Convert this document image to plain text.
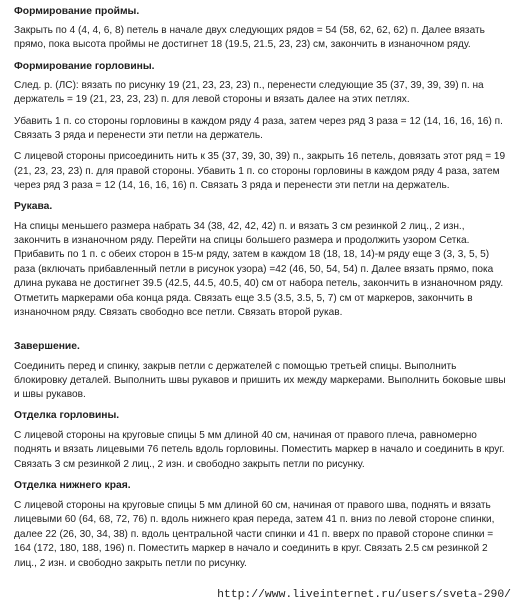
Формирование проймы.

Закрыть по 4 (4, 4, 6, 8) петель в начале двух следующих рядов = 54 (58, 62, 62, 62) п. Далее вязать прямо, пока высота проймы не достигнет 18 (19.5, 21.5, 23, 23) см, закончить в изнаночном ряду.

Формирование горловины.

След. р. (ЛС): вязать по рисунку 19 (21, 23, 23, 23) п., перенести следующие 35 (37, 39, 39, 39) п. на держатель = 19 (21, 23, 23, 23) п. для левой стороны и вязать далее на этих петлях.

Убавить 1 п. со стороны горловины в каждом ряду 4 раза, затем через ряд 3 раза = 12 (14, 16, 16, 16) п. Связать 3 ряда и перенести эти петли на держатель.

С лицевой стороны присоединить нить к 35 (37, 39, 30, 39) п., закрыть 16 петель, довязать этот ряд = 19 (21, 23, 23, 23) п. для правой стороны. Убавить 1 п. со стороны горловины в каждом ряду 4 раза, затем через ряд 3 раза = 12 (14, 16, 16, 16) п. Связать 3 ряда и перенести эти петли на держатель.

Рукава.

На спицы меньшего размера набрать 34 (38, 42, 42, 42) п. и вязать 3 см резинкой 2 лиц., 2 изн., закончить в изнаночном ряду. Перейти на спицы большего размера и продолжить узором Сетка. Прибавить по 1 п. с обеих сторон в 15-м ряду, затем в каждом 18 (18, 18, 14)-м ряду еще 3 (3, 3, 5, 5) раза (включать прибавленный петли в рисунок узора) =42 (46, 50, 54, 54) п. Далее вязать прямо, пока длина рукава не достигнет 39.5 (42.5, 44.5, 40.5, 40) см от набора петель, закончить в изнаночном ряду. Отметить маркерами оба конца ряда. Связать еще 3.5 (3.5, 3.5, 5, 7) см от маркеров, закончить в изнаночном ряду. Связать свободно все петли. Связать второй рукав.

Завершение.

Соединить перед и спинку, закрыв петли с держателей с помощью третьей спицы. Выполнить блокировку деталей. Выполнить швы рукавов и пришить их между маркерами. Выполнить боковые швы и швы рукавов.

Отделка горловины.

С лицевой стороны на круговые спицы 5 мм длиной 40 см, начиная от правого плеча, равномерно поднять и вязать лицевыми 76 петель вдоль горловины. Поместить маркер в начало и соединить в круг. Связать 3 см резинкой 2 лиц., 2 изн. и свободно закрыть петли по рисунку.

Отделка нижнего края.

С лицевой стороны на круговые спицы 5 мм длиной 60 см, начиная от правого шва, поднять и вязать лицевыми 60 (64, 68, 72, 76) п. вдоль нижнего края переда, затем 41 п. вниз по левой стороне спинки, далее 22 (26, 30, 34, 38) п. вдоль центральной части спинки и 41 п. вверх по правой стороне спинки = 164 (172, 180, 188, 196) п. Поместить маркер в начало и соединить в круг. Связать 2.5 см резинкой 2 лиц., 2 изн. и свободно закрыть петли по рисунку.

http://www.liveinternet.ru/users/sveta-290/
